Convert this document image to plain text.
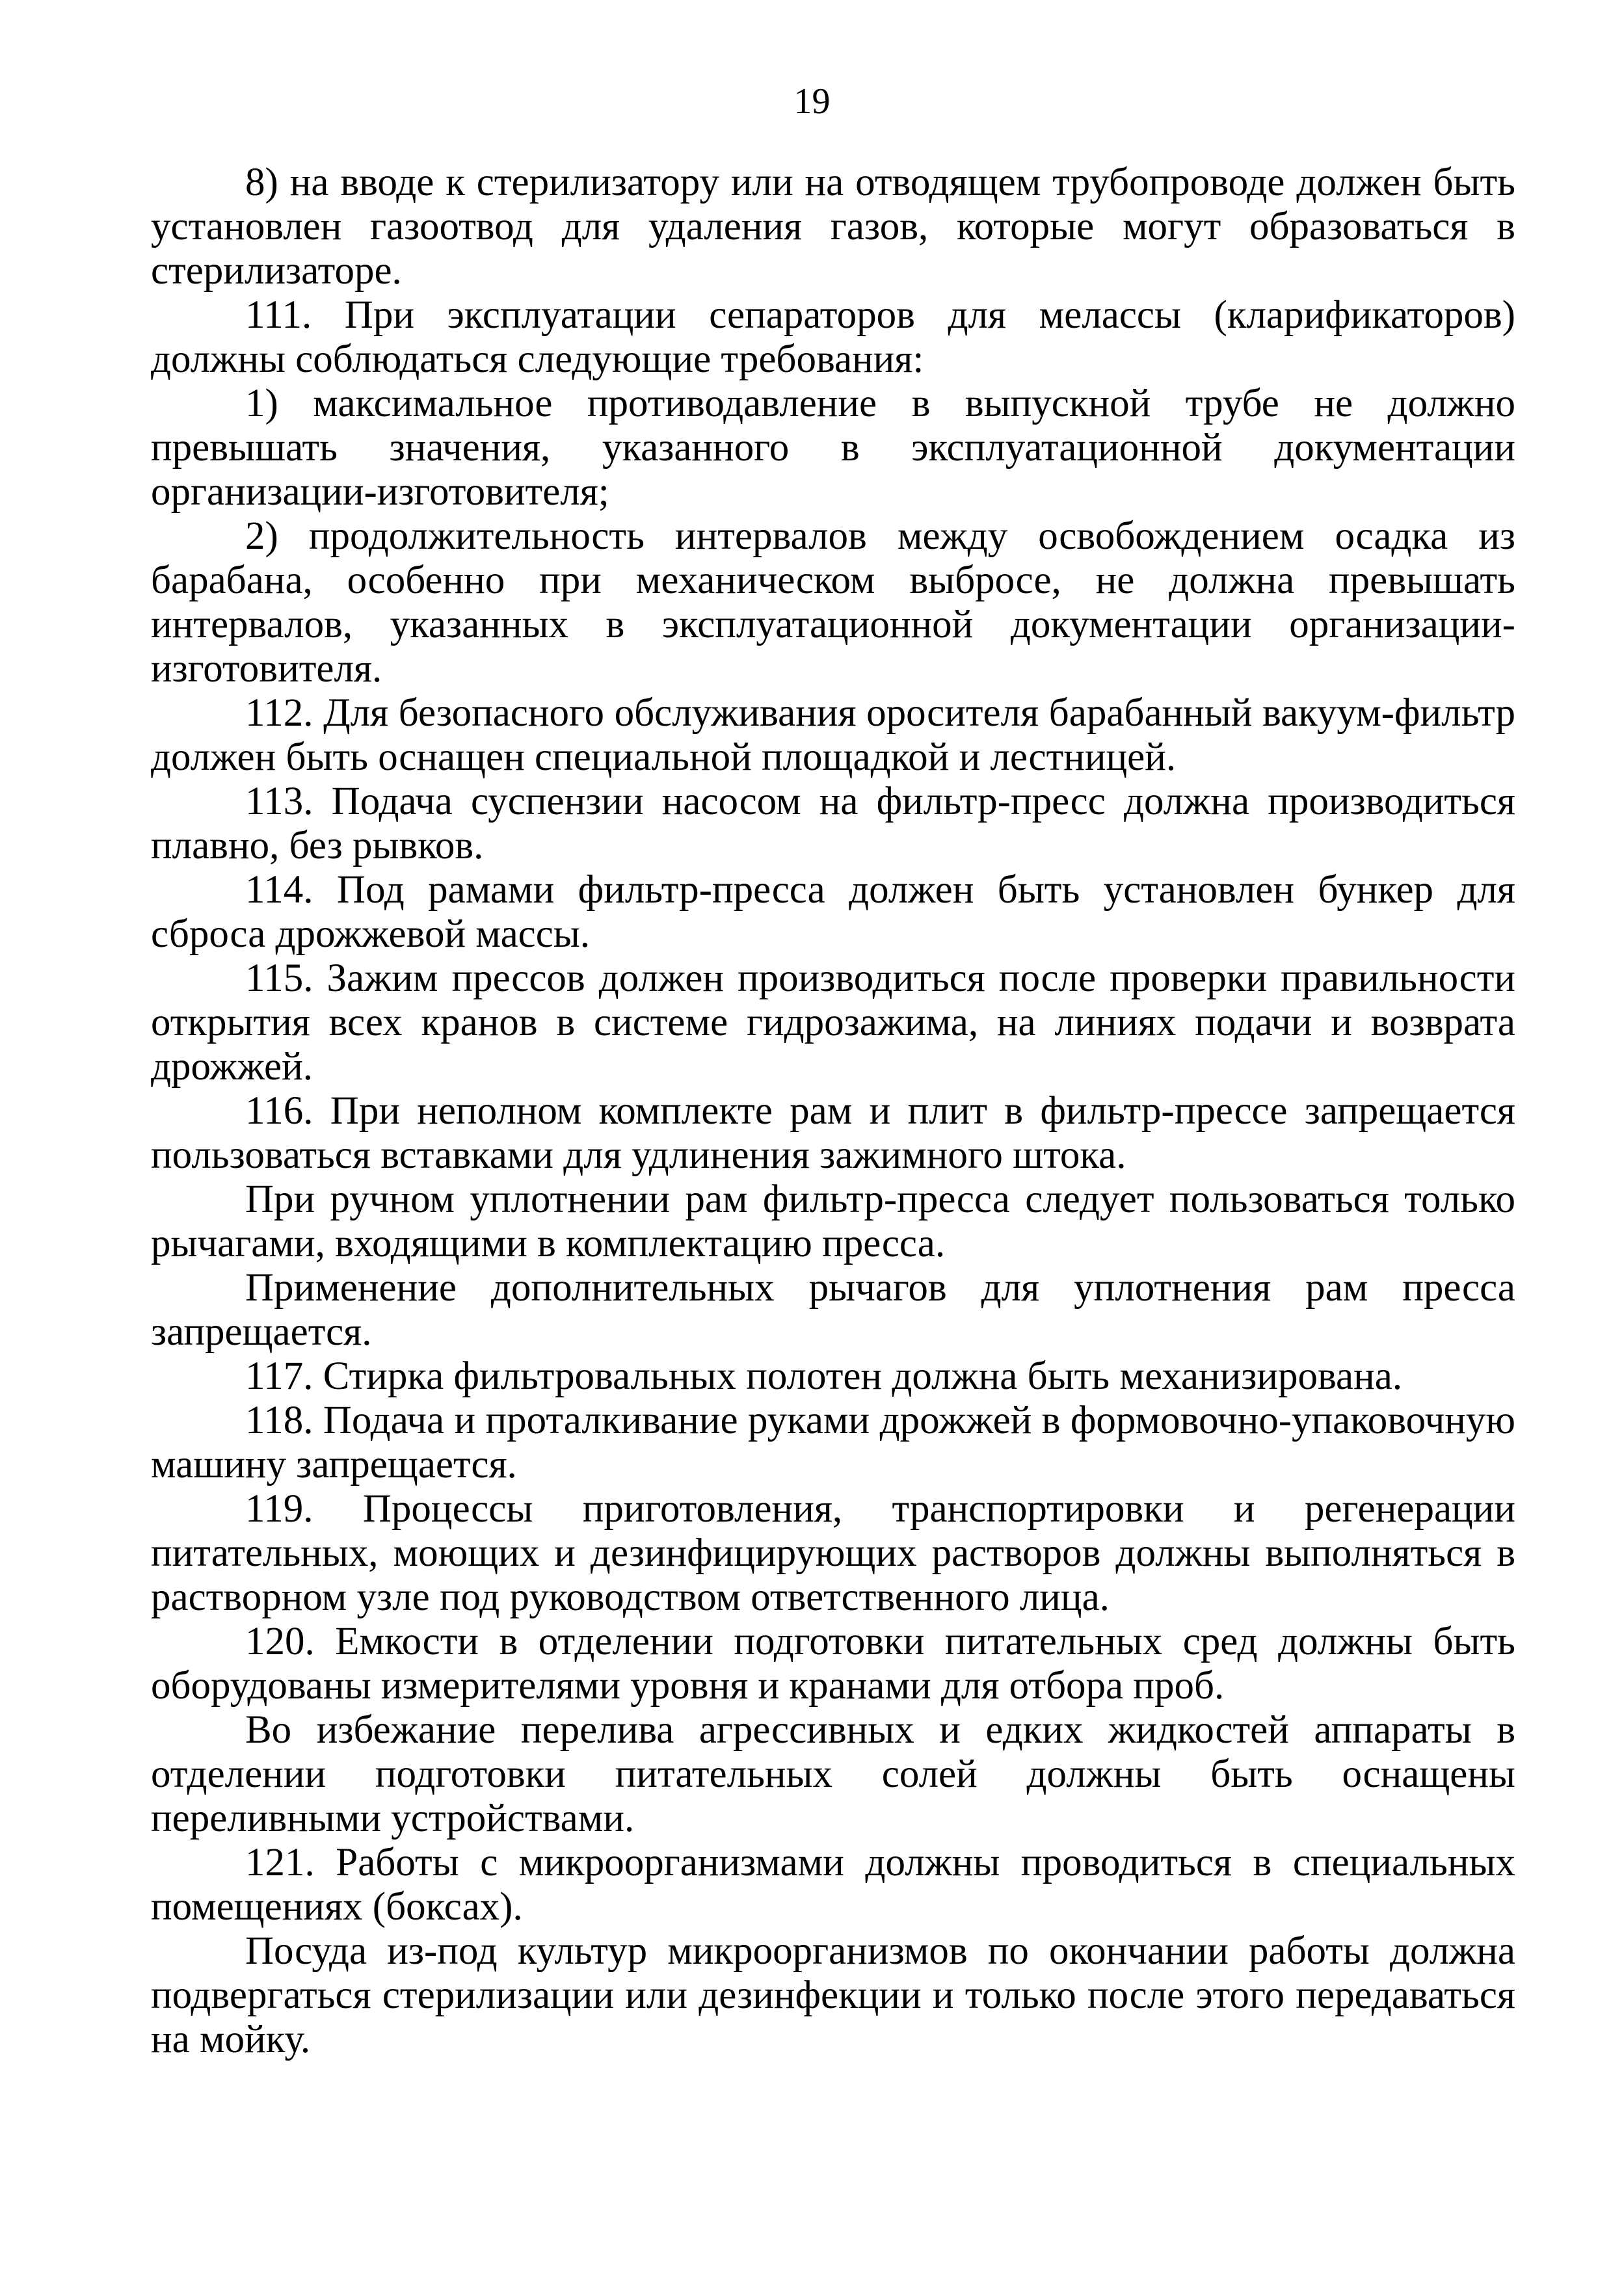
19

8) на вводе к стерилизатору или на отводящем трубопроводе должен быть установлен газоотвод для удаления газов, которые могут образоваться в стерилизаторе.

111. При эксплуатации сепараторов для мелассы (кларификаторов) должны соблюдаться следующие требования:

1) максимальное противодавление в выпускной трубе не должно превышать значения, указанного в эксплуатационной документации организации-изготовителя;

2) продолжительность интервалов между освобождением осадка из барабана, особенно при механическом выбросе, не должна превышать интервалов, указанных в эксплуатационной документации организации-изготовителя.

112. Для безопасного обслуживания оросителя барабанный вакуум-фильтр должен быть оснащен специальной площадкой и лестницей.

113. Подача суспензии насосом на фильтр-пресс должна производиться плавно, без рывков.

114. Под рамами фильтр-пресса должен быть установлен бункер для сброса дрожжевой массы.

115. Зажим прессов должен производиться после проверки правильности открытия всех кранов в системе гидрозажима, на линиях подачи и возврата дрожжей.

116. При неполном комплекте рам и плит в фильтр-прессе запрещается пользоваться вставками для удлинения зажимного штока.

При ручном уплотнении рам фильтр-пресса следует пользоваться только рычагами, входящими в комплектацию пресса.

Применение дополнительных рычагов для уплотнения рам пресса запрещается.

117. Стирка фильтровальных полотен должна быть механизирована.

118. Подача и проталкивание руками дрожжей в формовочно-упаковочную машину запрещается.

119. Процессы приготовления, транспортировки и регенерации питательных, моющих и дезинфицирующих растворов должны выполняться в растворном узле под руководством ответственного лица.

120. Емкости в отделении подготовки питательных сред должны быть оборудованы измерителями уровня и кранами для отбора проб.

Во избежание перелива агрессивных и едких жидкостей аппараты в отделении подготовки питательных солей должны быть оснащены переливными устройствами.

121. Работы с микроорганизмами должны проводиться в специальных помещениях (боксах).

Посуда из-под культур микроорганизмов по окончании работы должна подвергаться стерилизации или дезинфекции и только после этого передаваться на мойку.
